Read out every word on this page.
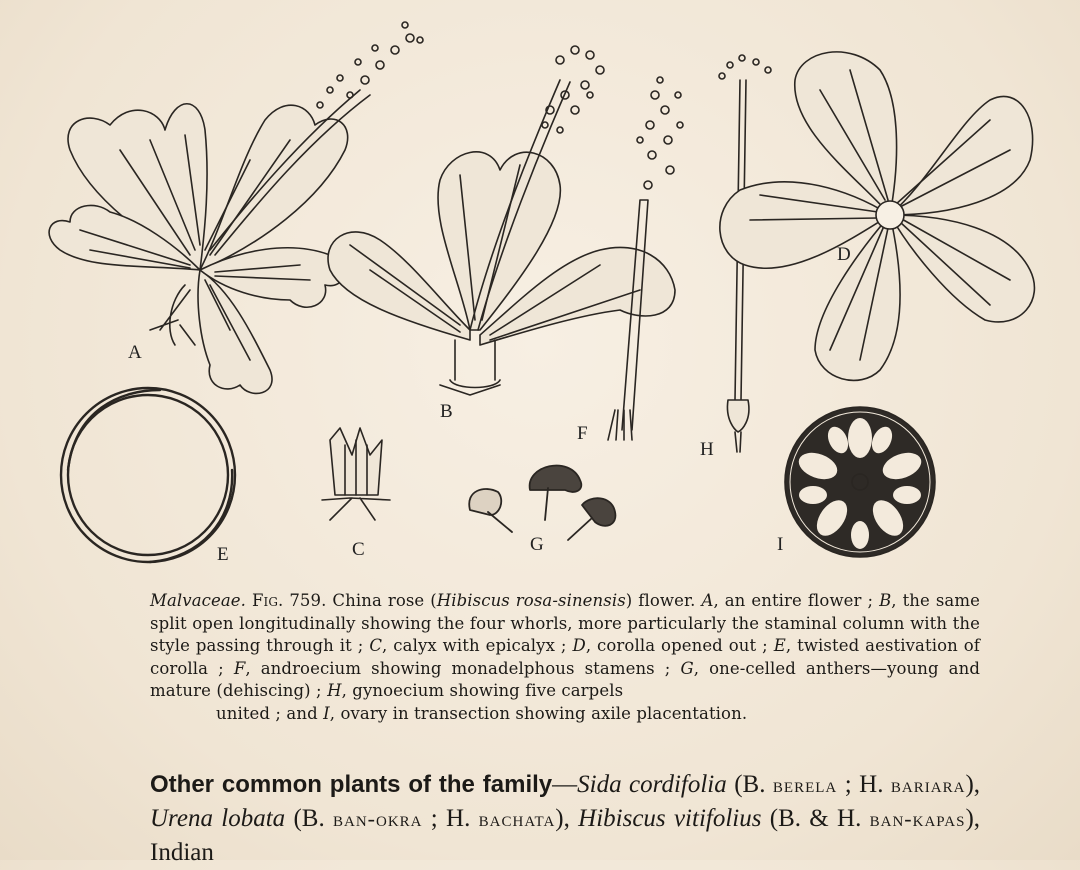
A
B
F
H
D
E	C	G	I
Malvaceae. Fig. 759. China rose (Hibiscus rosa-sinensis) flower. A, an entire flower ; B, the same split open longitudinally showing the four whorls, more particularly the staminal column with the style passing through it ; C, calyx with epicalyx ; D, corolla opened out ; E, twisted aestivation of corolla ; F, androecium showing monadelphous stamens ; G, one-celled anthers—young and mature (dehiscing) ; H, gynoecium showing five carpels
united ; and I, ovary in transection showing axile placentation.
Other common plants of the family—Sida cordifolia (B. berela ; H. bariara), Urena lobata (B. ban-okra ; H. bachata), Hibiscus vitifolius (B. & H. ban-kapas), Indian
